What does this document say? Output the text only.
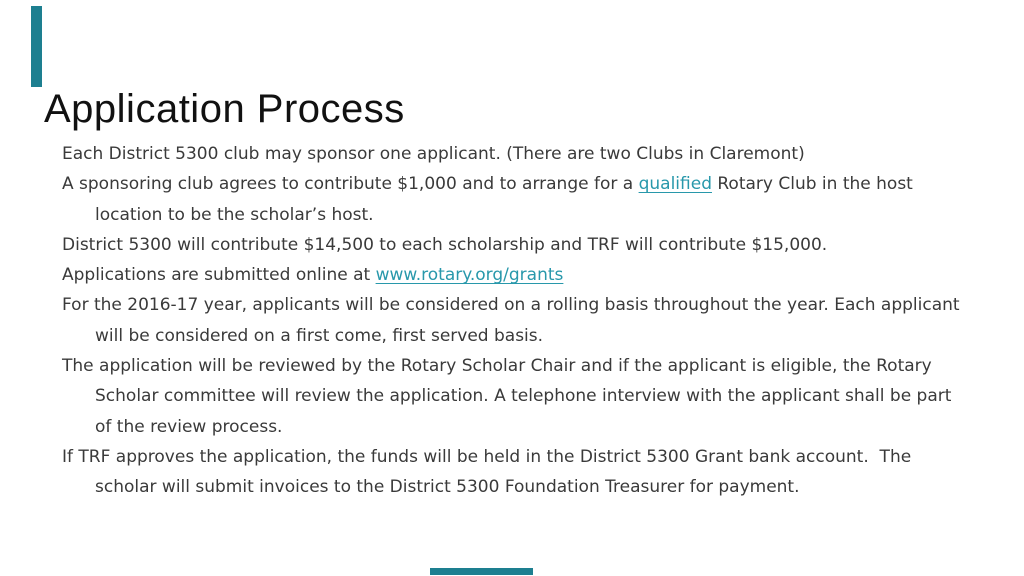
Application Process
Each District 5300 club may sponsor one applicant. (There are two Clubs in Claremont)
A sponsoring club agrees to contribute $1,000 and to arrange for a qualified Rotary Club in the host
location to be the scholar’s host.
District 5300 will contribute $14,500 to each scholarship and TRF will contribute $15,000.
Applications are submitted online at www.rotary.org/grants
For the 2016-17 year, applicants will be considered on a rolling basis throughout the year. Each applicant
will be considered on a first come, first served basis.
The application will be reviewed by the Rotary Scholar Chair and if the applicant is eligible, the Rotary
Scholar committee will review the application. A telephone interview with the applicant shall be part
of the review process.
If TRF approves the application, the funds will be held in the District 5300 Grant bank account.  The
scholar will submit invoices to the District 5300 Foundation Treasurer for payment.
